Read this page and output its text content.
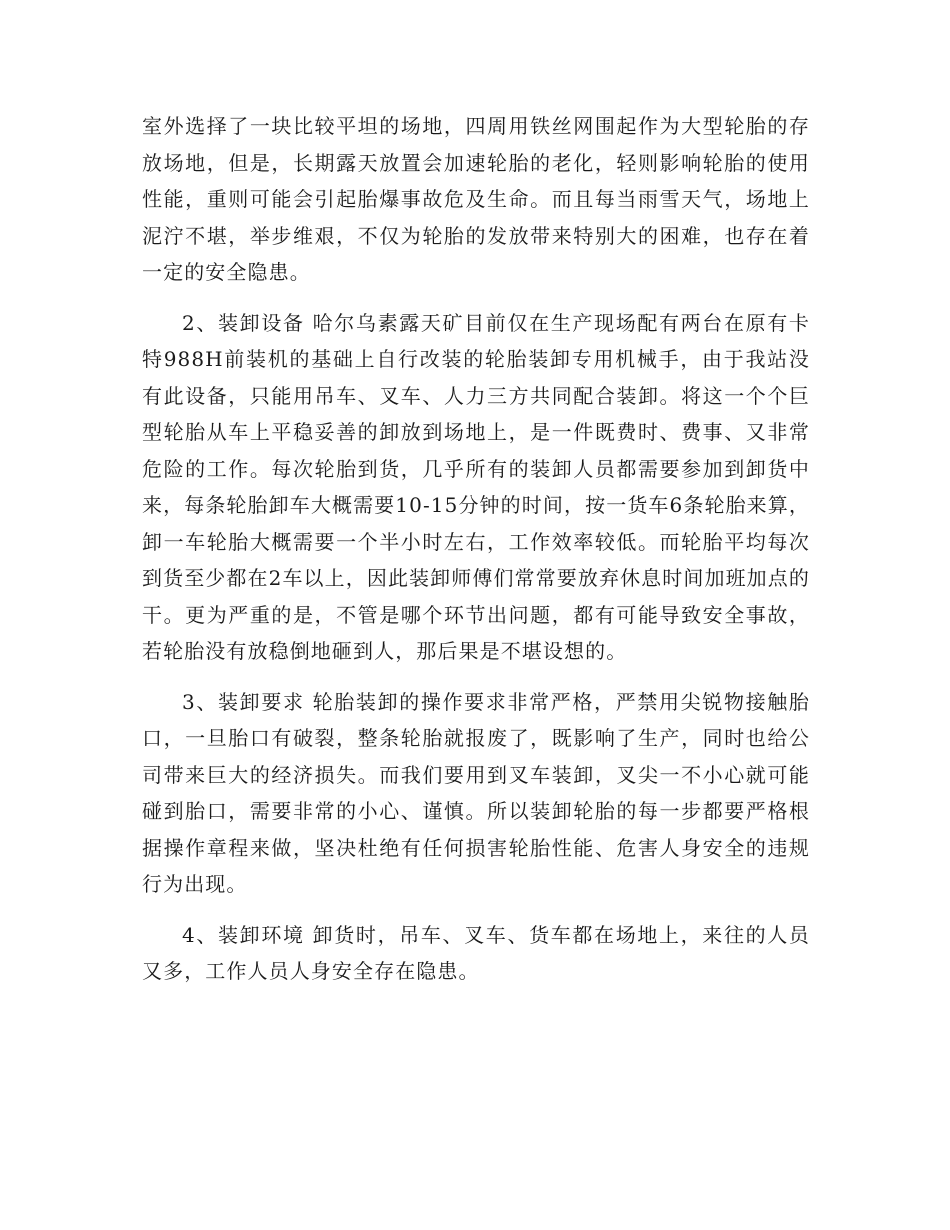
室外选择了一块比较平坦的场地，四周用铁丝网围起作为大型轮胎的存放场地，但是，长期露天放置会加速轮胎的老化，轻则影响轮胎的使用性能，重则可能会引起胎爆事故危及生命。而且每当雨雪天气，场地上泥泞不堪，举步维艰，不仅为轮胎的发放带来特别大的困难，也存在着一定的安全隐患。

2、装卸设备 哈尔乌素露天矿目前仅在生产现场配有两台在原有卡特988H前装机的基础上自行改装的轮胎装卸专用机械手，由于我站没有此设备，只能用吊车、叉车、人力三方共同配合装卸。将这一个个巨型轮胎从车上平稳妥善的卸放到场地上，是一件既费时、费事、又非常危险的工作。每次轮胎到货，几乎所有的装卸人员都需要参加到卸货中来，每条轮胎卸车大概需要10-15分钟的时间，按一货车6条轮胎来算，卸一车轮胎大概需要一个半小时左右，工作效率较低。而轮胎平均每次到货至少都在2车以上，因此装卸师傅们常常要放弃休息时间加班加点的干。更为严重的是，不管是哪个环节出问题，都有可能导致安全事故，若轮胎没有放稳倒地砸到人，那后果是不堪设想的。

3、装卸要求 轮胎装卸的操作要求非常严格，严禁用尖锐物接触胎口，一旦胎口有破裂，整条轮胎就报废了，既影响了生产，同时也给公司带来巨大的经济损失。而我们要用到叉车装卸，叉尖一不小心就可能碰到胎口，需要非常的小心、谨慎。所以装卸轮胎的每一步都要严格根据操作章程来做，坚决杜绝有任何损害轮胎性能、危害人身安全的违规行为出现。

4、装卸环境 卸货时，吊车、叉车、货车都在场地上，来往的人员又多，工作人员人身安全存在隐患。
